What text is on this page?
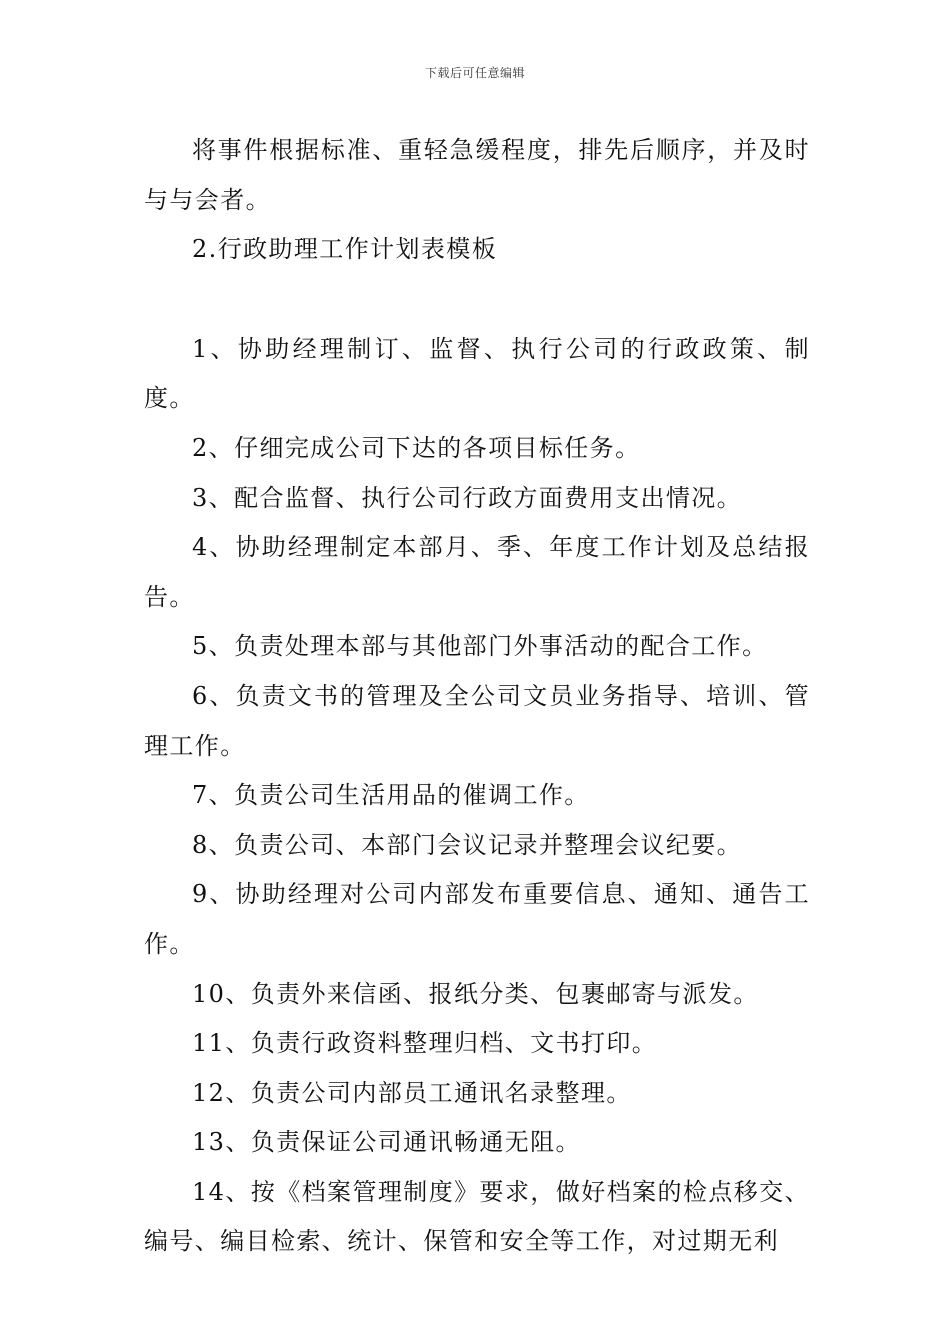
下载后可任意编辑

将事件根据标准、重轻急缓程度，排先后顺序，并及时与与会者。

2.行政助理工作计划表模板

1、协助经理制订、监督、执行公司的行政政策、制度。

2、仔细完成公司下达的各项目标任务。

3、配合监督、执行公司行政方面费用支出情况。

4、协助经理制定本部月、季、年度工作计划及总结报告。

5、负责处理本部与其他部门外事活动的配合工作。

6、负责文书的管理及全公司文员业务指导、培训、管理工作。

7、负责公司生活用品的催调工作。

8、负责公司、本部门会议记录并整理会议纪要。

9、协助经理对公司内部发布重要信息、通知、通告工作。

10、负责外来信函、报纸分类、包裹邮寄与派发。

11、负责行政资料整理归档、文书打印。

12、负责公司内部员工通讯名录整理。

13、负责保证公司通讯畅通无阻。

14、按《档案管理制度》要求，做好档案的检点移交、编号、编目检索、统计、保管和安全等工作，对过期无利
